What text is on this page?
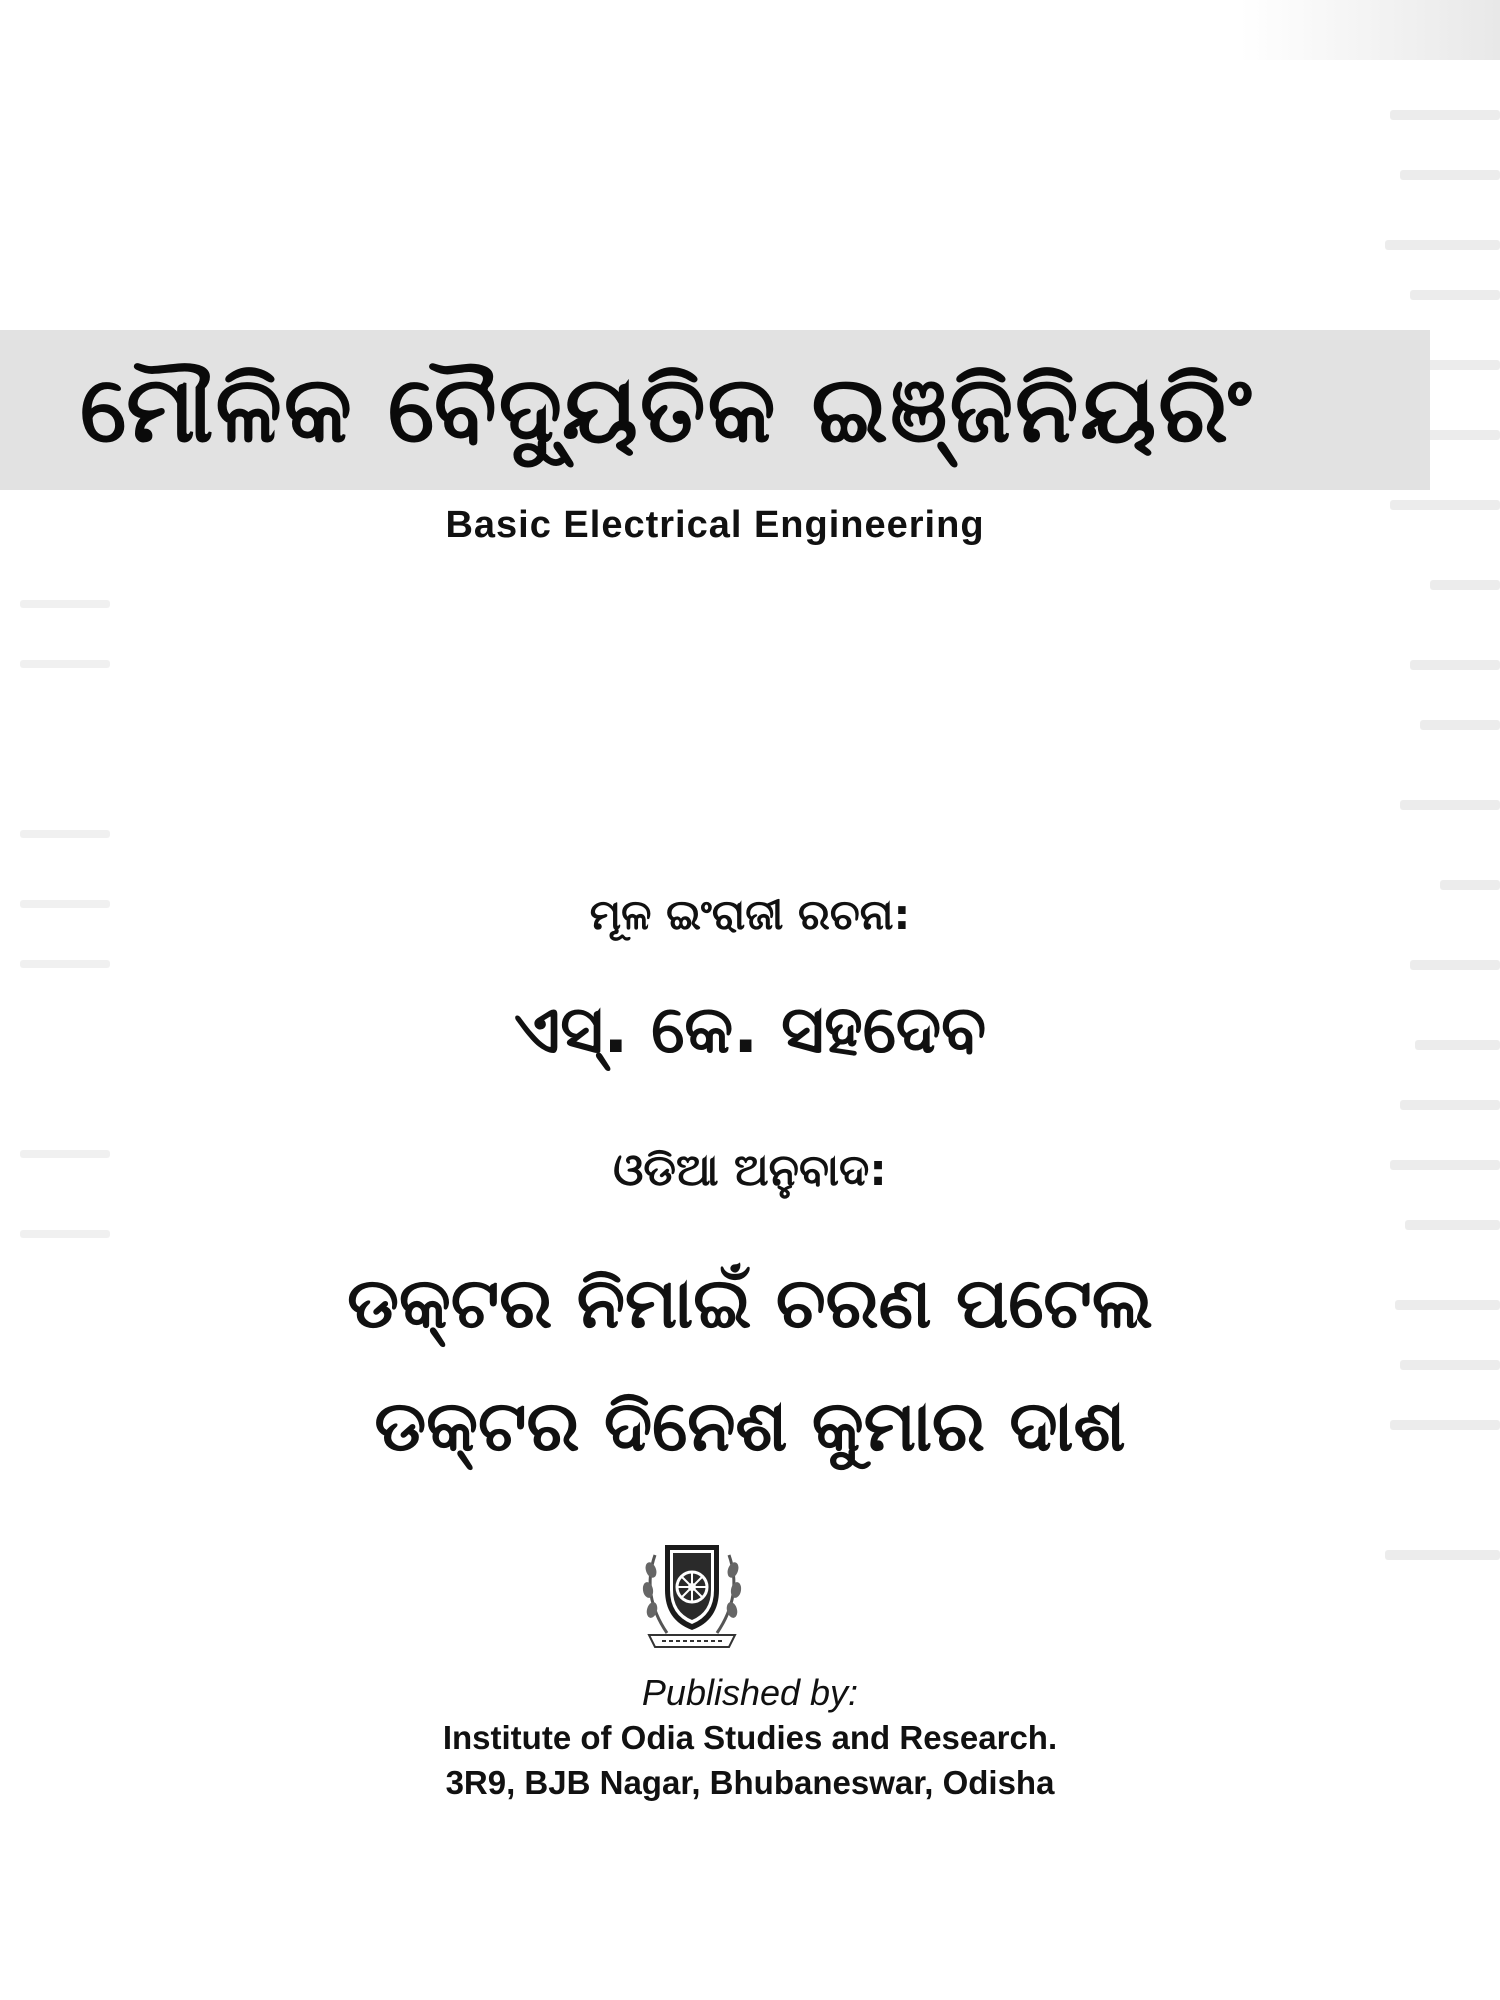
ମୌଳିକ ବୈଦ୍ୟୁତିକ ଇଞ୍ଜିନିୟରିଂ
Basic Electrical Engineering
ମୂଳ ଇଂରାଜୀ ରଚନା:
ଏସ୍. କେ. ସହଦେବ
ଓଡିଆ ଅନୁବାଦ:
ଡକ୍ଟର ନିମାଇଁ ଚରଣ ପଟେଲ
ଡକ୍ଟର ଦିନେଶ କୁମାର ଦାଶ
Published by:
Institute of Odia Studies and Research.
3R9, BJB Nagar, Bhubaneswar, Odisha
